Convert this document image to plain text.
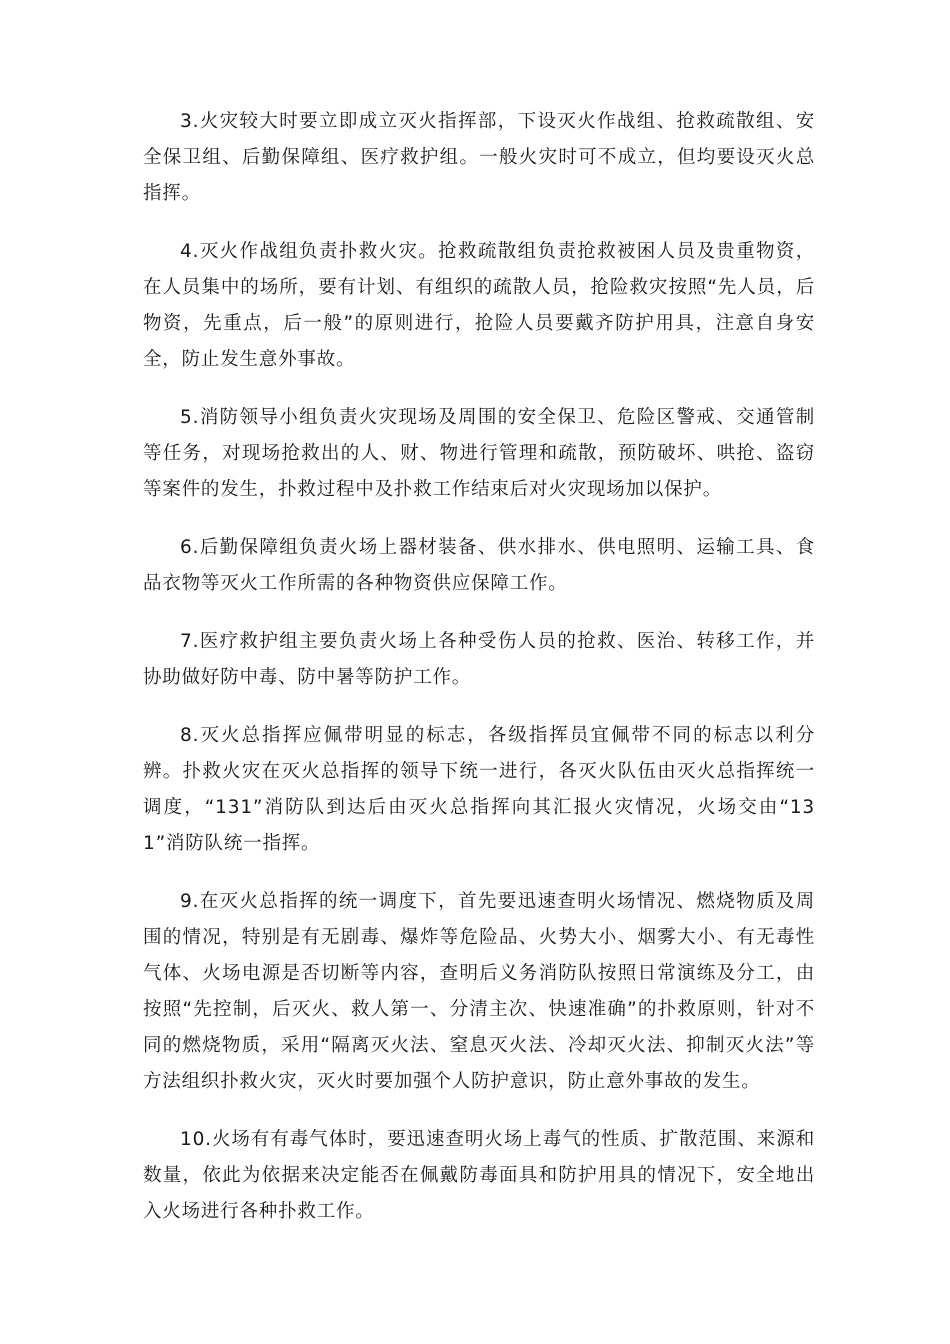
3.火灾较大时要立即成立灭火指挥部，下设灭火作战组、抢救疏散组、安全保卫组、后勤保障组、医疗救护组。一般火灾时可不成立，但均要设灭火总指挥。

4.灭火作战组负责扑救火灾。抢救疏散组负责抢救被困人员及贵重物资，在人员集中的场所，要有计划、有组织的疏散人员，抢险救灾按照“先人员，后物资，先重点，后一般”的原则进行，抢险人员要戴齐防护用具，注意自身安全，防止发生意外事故。

5.消防领导小组负责火灾现场及周围的安全保卫、危险区警戒、交通管制等任务，对现场抢救出的人、财、物进行管理和疏散，预防破坏、哄抢、盗窃等案件的发生，扑救过程中及扑救工作结束后对火灾现场加以保护。

6.后勤保障组负责火场上器材装备、供水排水、供电照明、运输工具、食品衣物等灭火工作所需的各种物资供应保障工作。

7.医疗救护组主要负责火场上各种受伤人员的抢救、医治、转移工作，并协助做好防中毒、防中暑等防护工作。

8.灭火总指挥应佩带明显的标志，各级指挥员宜佩带不同的标志以利分辨。扑救火灾在灭火总指挥的领导下统一进行，各灭火队伍由灭火总指挥统一调度，“131”消防队到达后由灭火总指挥向其汇报火灾情况，火场交由“131”消防队统一指挥。

9.在灭火总指挥的统一调度下，首先要迅速查明火场情况、燃烧物质及周围的情况，特别是有无剧毒、爆炸等危险品、火势大小、烟雾大小、有无毒性气体、火场电源是否切断等内容，查明后义务消防队按照日常演练及分工，由按照“先控制，后灭火、救人第一、分清主次、快速准确”的扑救原则，针对不同的燃烧物质，采用“隔离灭火法、窒息灭火法、冷却灭火法、抑制灭火法”等方法组织扑救火灾，灭火时要加强个人防护意识，防止意外事故的发生。

10.火场有有毒气体时，要迅速查明火场上毒气的性质、扩散范围、来源和数量，依此为依据来决定能否在佩戴防毒面具和防护用具的情况下，安全地出入火场进行各种扑救工作。
